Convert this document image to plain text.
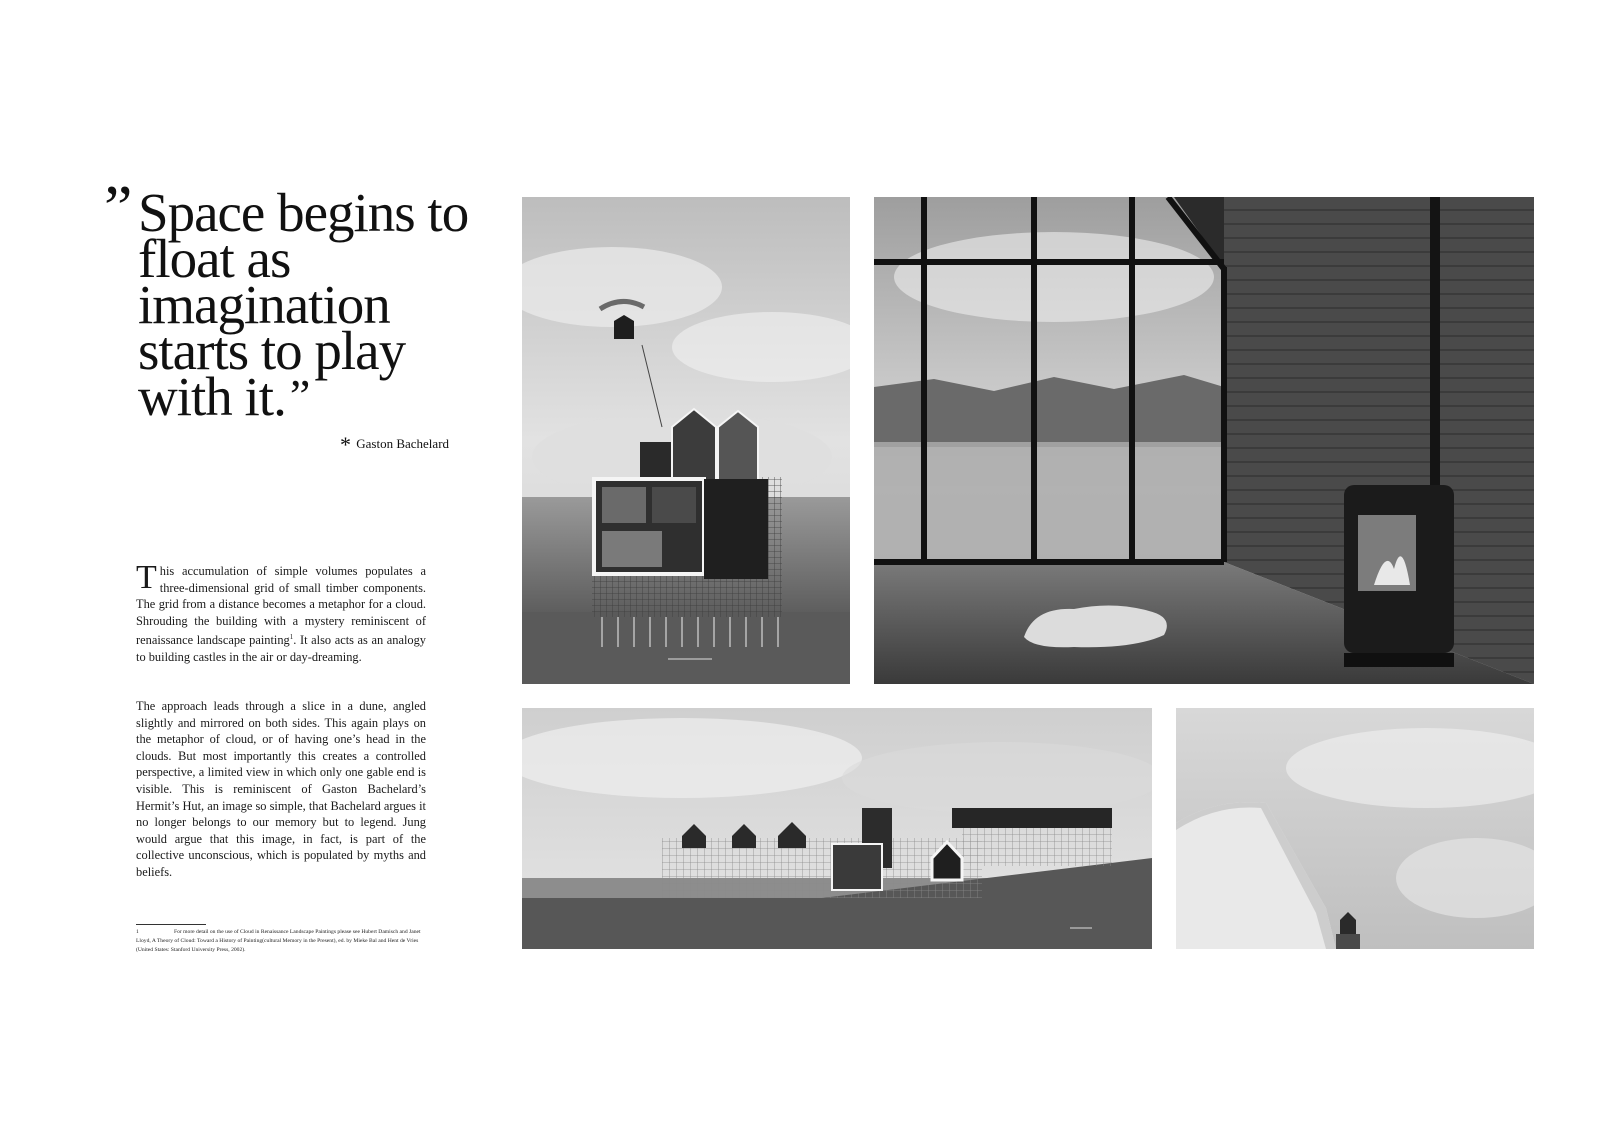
” Space begins to float as imagination starts to play with it.”
* Gaston Bachelard
This accumulation of simple volumes populates a three-dimensional grid of small timber components. The grid from a distance becomes a metaphor for a cloud. Shrouding the building with a mystery reminiscent of renaissance landscape painting$^1$. It also acts as an analogy to building castles in the air or day-dreaming.
The approach leads through a slice in a dune, angled slightly and mirrored on both sides. This again plays on the metaphor of cloud, or of having one’s head in the clouds. But most importantly this creates a controlled perspective, a limited view in which only one gable end is visible. This is reminiscent of Gaston Bachelard’s Hermit’s Hut, an image so simple, that Bachelard argues it no longer belongs to our memory but to legend. Jung would argue that this image, in fact, is part of the collective unconscious, which is populated by myths and beliefs.
1	For more detail on the use of Cloud in Renaissance Landscape Paintings please see Hubert Damisch and Janet Lloyd, A Theory of Cloud: Toward a History of Painting(cultural Memory in the Present), ed. by Mieke Bal and Hent de Vries (United States: Stanford University Press, 2002).
